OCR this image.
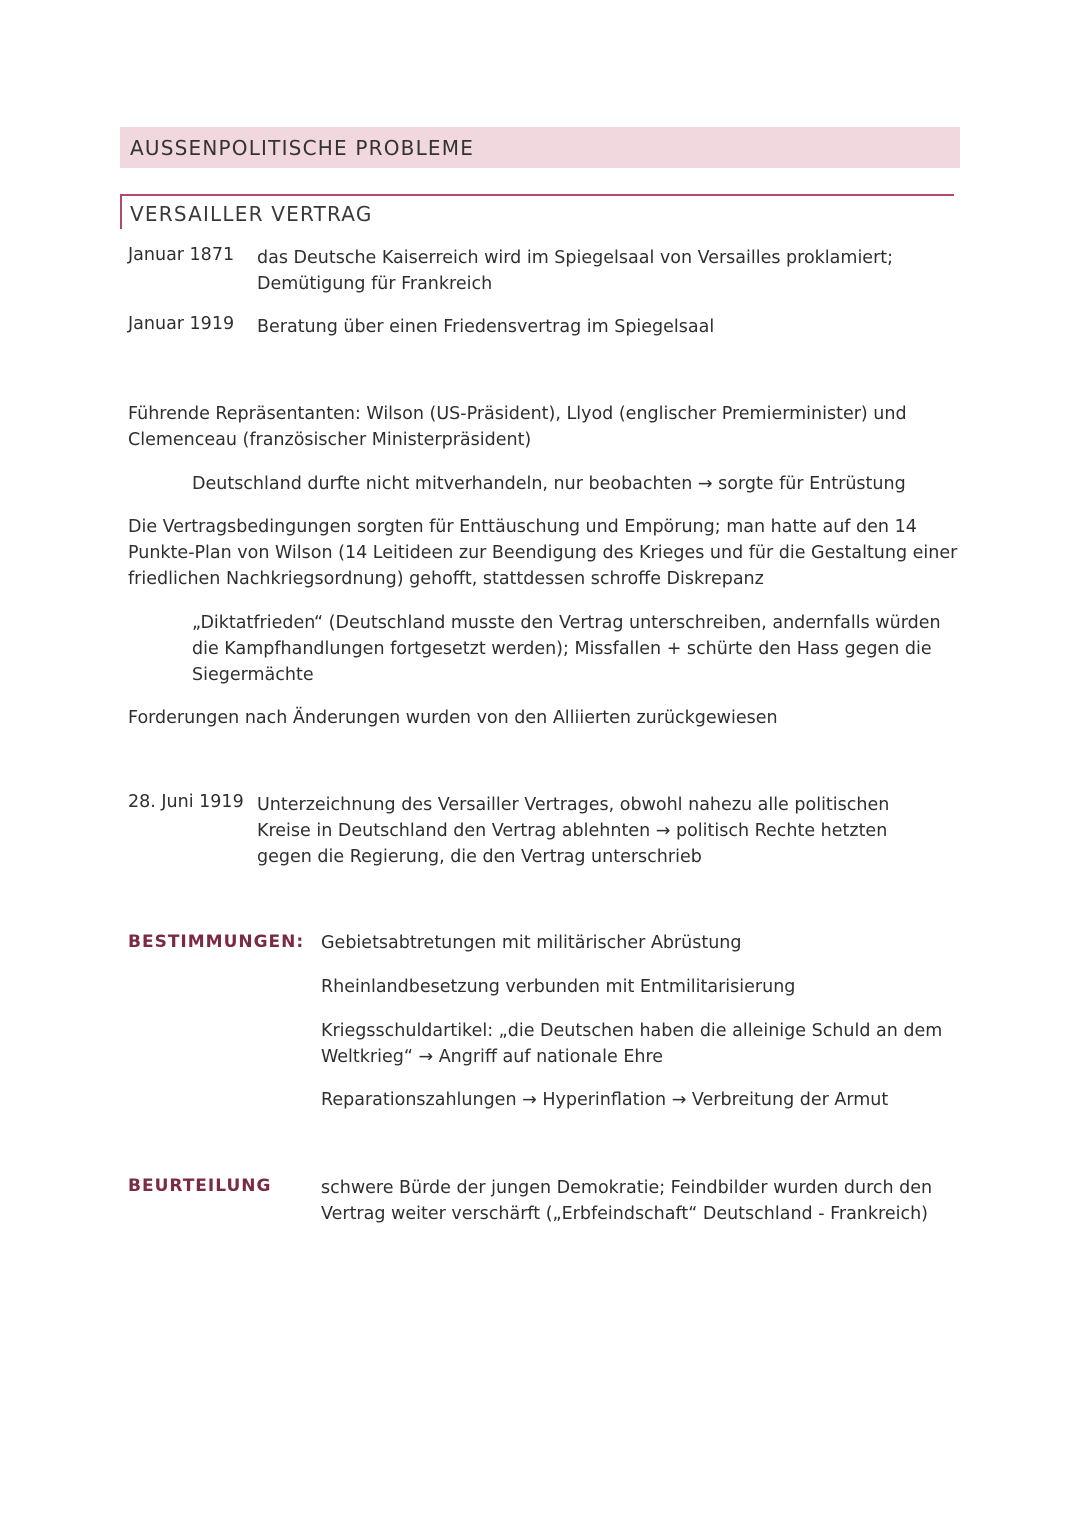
AUSSENPOLITISCHE PROBLEME
VERSAILLER VERTRAG
Januar 1871 das Deutsche Kaiserreich wird im Spiegelsaal von Versailles proklamiert; Demütigung für Frankreich
Januar 1919 Beratung über einen Friedensvertrag im Spiegelsaal
Führende Repräsentanten: Wilson (US-Präsident), Llyod (englischer Premierminister) und Clemenceau (französischer Ministerpräsident)
Deutschland durfte nicht mitverhandeln, nur beobachten → sorgte für Entrüstung
Die Vertragsbedingungen sorgten für Enttäuschung und Empörung; man hatte auf den 14 Punkte-Plan von Wilson (14 Leitideen zur Beendigung des Krieges und für die Gestaltung einer friedlichen Nachkriegsordnung) gehofft, stattdessen schroffe Diskrepanz
„Diktatfrieden“ (Deutschland musste den Vertrag unterschreiben, andernfalls würden die Kampfhandlungen fortgesetzt werden); Missfallen + schürte den Hass gegen die Siegermächte
Forderungen nach Änderungen wurden von den Alliierten zurückgewiesen
28. Juni 1919 Unterzeichnung des Versailler Vertrages, obwohl nahezu alle politischen Kreise in Deutschland den Vertrag ablehnten → politisch Rechte hetzten gegen die Regierung, die den Vertrag unterschrieb
BESTIMMUNGEN: Gebietsabtretungen mit militärischer Abrüstung
Rheinlandbesetzung verbunden mit Entmilitarisierung
Kriegsschuldartikel: „die Deutschen haben die alleinige Schuld an dem Weltkrieg“ → Angriff auf nationale Ehre
Reparationszahlungen → Hyperinflation → Verbreitung der Armut
BEURTEILUNG	schwere Bürde der jungen Demokratie; Feindbilder wurden durch den Vertrag weiter verschärft („Erbfeindschaft“ Deutschland - Frankreich)
